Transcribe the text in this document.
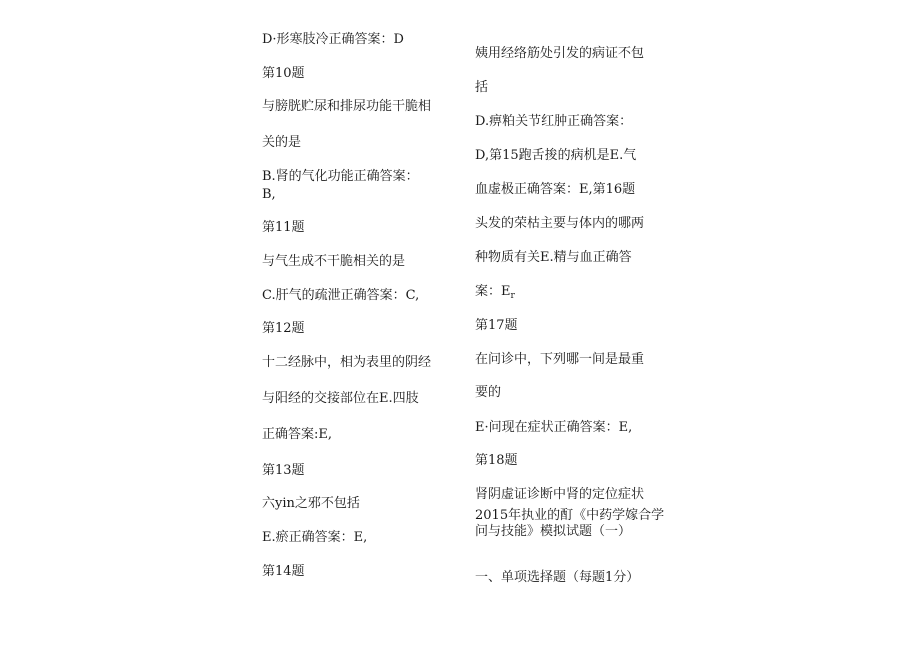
D·形寒肢冷正确答案：D
第10题
与膀胱贮尿和排尿功能干脆相
关的是
B.肾的气化功能正确答案：
B,
第11题
与气生成不干脆相关的是
C.肝气的疏泄正确答案：C,
第12题
十二经脉中，相为表里的阴经
与阳经的交接部位在E.四肢
正确答案:E,
第13题
六yin之邪不包括
E.瘀正确答案：E,
第14题
姨用经络筋处引发的病证不包
括
D.痹粕关节红肿正确答案：
D,第15跑舌捘的病机是E.气
血虚极正确答案：E,第16题
头发的荣枯主要与体内的哪两
种物质有关E.精与血正确答
案：$E_r$
第17题
在问诊中，下列哪一间是最重
要的
E·问现在症状正确答案：E,
第18题
肾阴虚证诊断中肾的定位症状
2015年执业的酊《中药学嫁合学问与技能》模拟试题（一）
一、单项选择题（每题1分）
